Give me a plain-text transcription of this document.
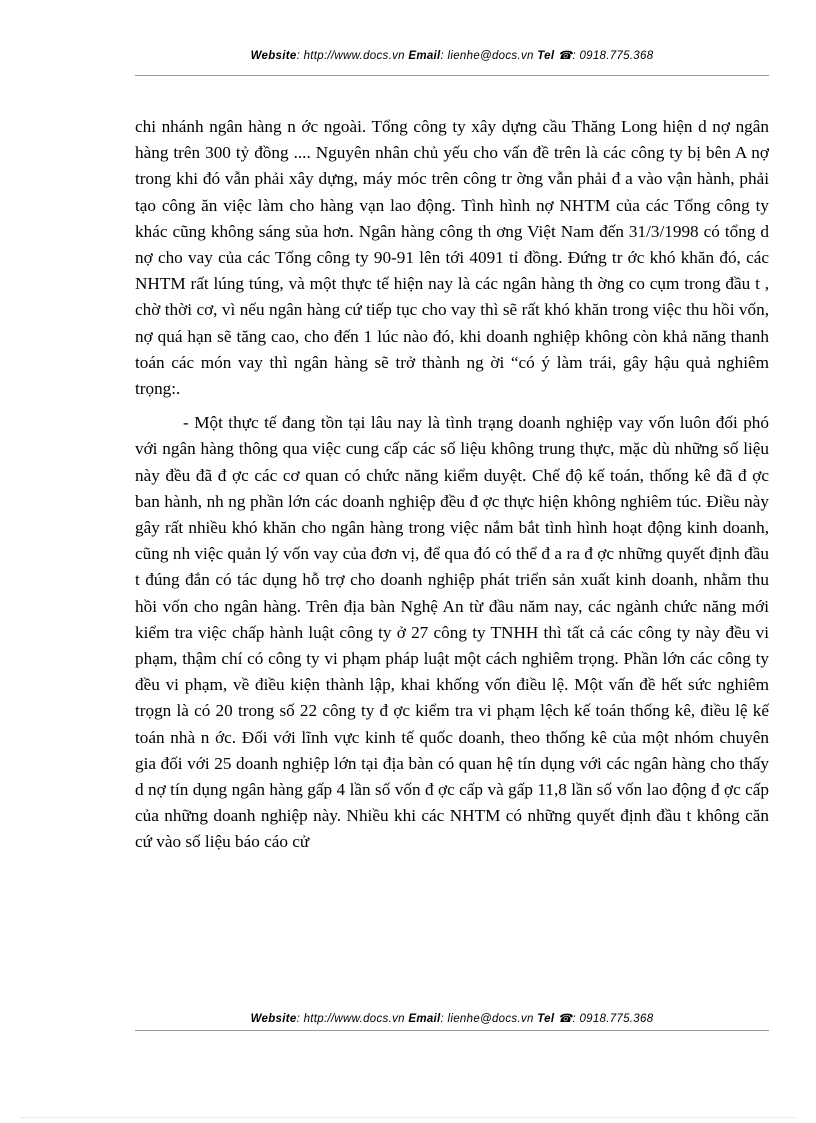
Website: http://www.docs.vn Email: lienhe@docs.vn Tel ☎: 0918.775.368

chi nhánh ngân hàng n ớc ngoài. Tổng công ty xây dựng cầu Thăng Long hiện d nợ ngân hàng trên 300 tỷ đồng .... Nguyên nhân chủ yếu cho vấn đề trên là các công ty bị bên A nợ trong khi đó vẫn phải xây dựng, máy móc trên công tr ờng vẫn phải đ a vào vận hành, phải tạo công ăn việc làm cho hàng vạn lao động. Tình hình nợ NHTM của các Tổng công ty khác cũng không sáng sủa hơn. Ngân hàng công th ơng Việt Nam đến 31/3/1998 có tổng d nợ cho vay của các Tổng công ty 90-91 lên tới 4091 tỉ đồng. Đứng tr ớc khó khăn đó, các NHTM rất lúng túng, và một thực tế hiện nay là các ngân hàng th ờng co cụm trong đầu t , chờ thời cơ, vì nếu ngân hàng cứ tiếp tục cho vay thì sẽ rất khó khăn trong việc thu hồi vốn, nợ quá hạn sẽ tăng cao, cho đến 1 lúc nào đó, khi doanh nghiệp không còn khả năng thanh toán các món vay thì ngân hàng sẽ trở thành ng ời “có ý làm trái, gây hậu quả nghiêm trọng:.

- Một thực tế đang tồn tại lâu nay là tình trạng doanh nghiệp vay vốn luôn đối phó với ngân hàng thông qua việc cung cấp các số liệu không trung thực, mặc dù những số liệu này đều đã đ ợc các cơ quan có chức năng kiểm duyệt. Chế độ kế toán, thống kê đã đ ợc ban hành, nh ng phần lớn các doanh nghiệp đều đ ợc thực hiện không nghiêm túc. Điều này gây rất nhiều khó khăn cho ngân hàng trong việc nắm bắt tình hình hoạt động kinh doanh, cũng nh việc quản lý vốn vay của đơn vị, để qua đó có thể đ a ra đ ợc những quyết định đầu t đúng đắn có tác dụng hỗ trợ cho doanh nghiệp phát triển sản xuất kinh doanh, nhằm thu hồi vốn cho ngân hàng. Trên địa bàn Nghệ An từ đầu năm nay, các ngành chức năng mới kiểm tra việc chấp hành luật công ty ở 27 công ty TNHH thì tất cả các công ty này đều vi phạm, thậm chí có công ty vi phạm pháp luật một cách nghiêm trọng. Phần lớn các công ty đều vi phạm, về điều kiện thành lập, khai khống vốn điều lệ. Một vấn đề hết sức nghiêm trọgn là có 20 trong số 22 công ty đ ợc kiểm tra vi phạm lệch kế toán thống kê, điều lệ kế toán nhà n ớc. Đối với lĩnh vực kinh tế quốc doanh, theo thống kê của một nhóm chuyên gia đối với 25 doanh nghiệp lớn tại địa bàn có quan hệ tín dụng với các ngân hàng cho thấy d nợ tín dụng ngân hàng gấp 4 lần số vốn đ ợc cấp và gấp 11,8 lần số vốn lao động đ ợc cấp của những doanh nghiệp này. Nhiều khi các NHTM có những quyết định đầu t không căn cứ vào số liệu báo cáo cử

Website: http://www.docs.vn Email: lienhe@docs.vn Tel ☎: 0918.775.368
